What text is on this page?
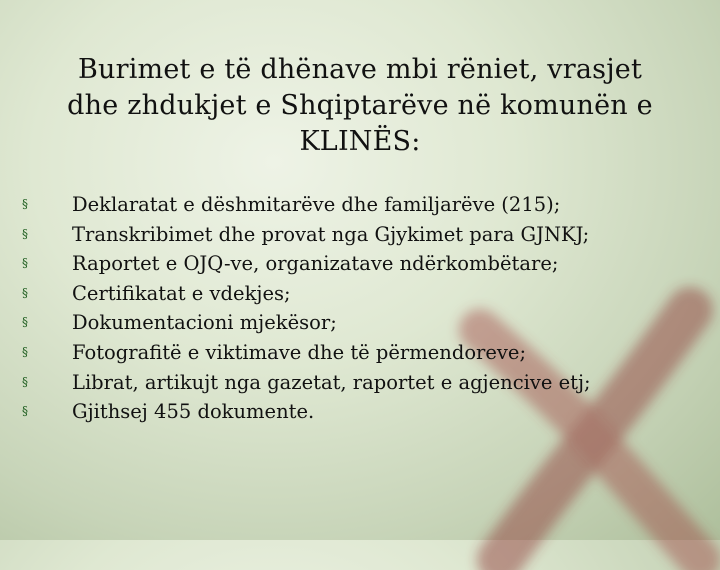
Burimet e të dhënave mbi rëniet, vrasjet
dhe zhdukjet e Shqiptarëve në komunën e
KLINËS:
§	Deklaratat e dëshmitarëve dhe familjarëve (215);
§	Transkribimet dhe provat nga Gjykimet para GJNKJ;
§	Raportet e OJQ-ve, organizatave ndërkombëtare;
§	Certifikatat e vdekjes;
§	Dokumentacioni mjekësor;
§	Fotografitë e viktimave dhe të përmendoreve;
§	Librat, artikujt nga gazetat, raportet e agjencive etj;
§	Gjithsej 455 dokumente.
